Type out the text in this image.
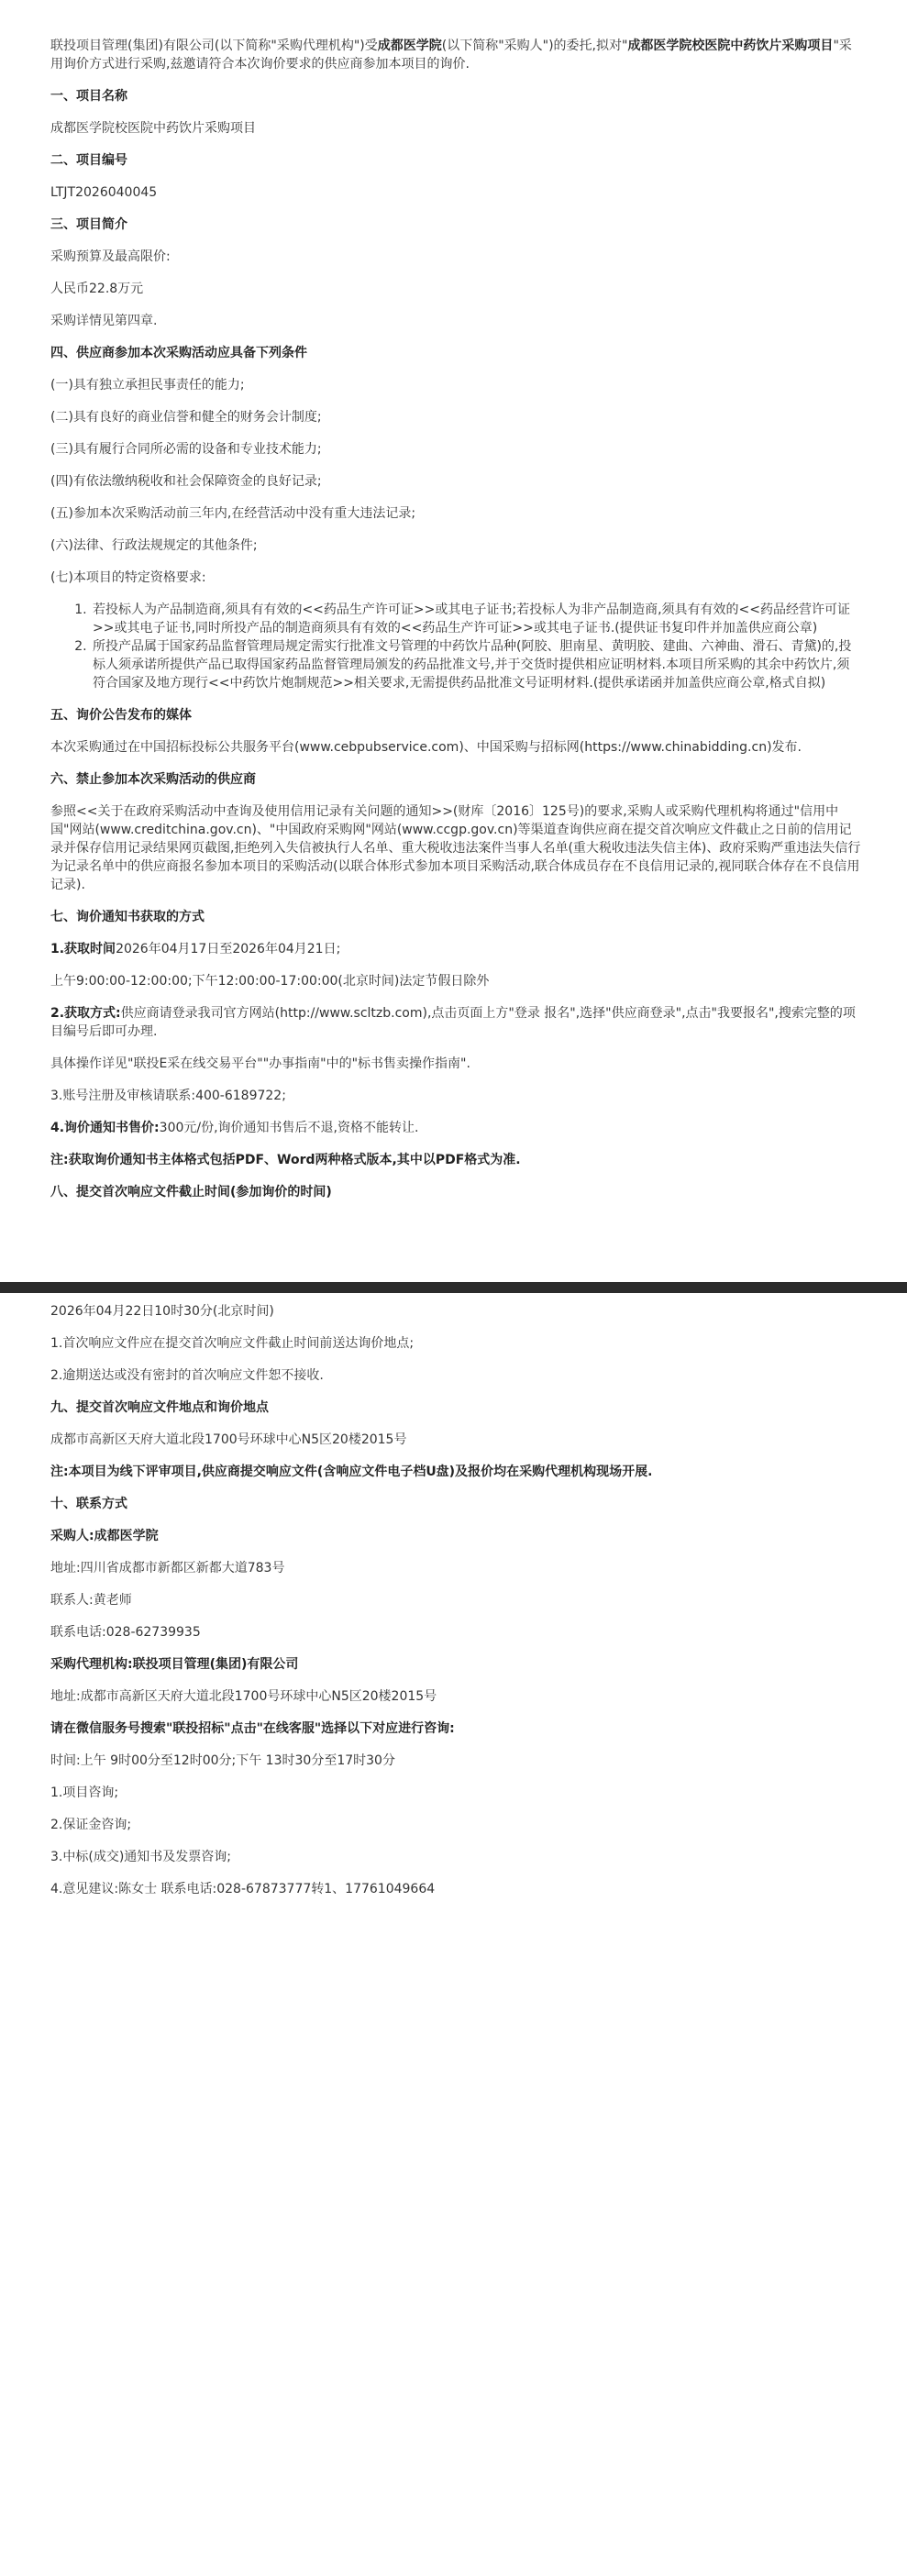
联投项目管理(集团)有限公司(以下简称"采购代理机构")受成都医学院(以下简称"采购人")的委托,拟对"成都医学院校医院中药饮片采购项目"采用询价方式进行采购,兹邀请符合本次询价要求的供应商参加本项目的询价.
一、项目名称
成都医学院校医院中药饮片采购项目
二、项目编号
LTJT2026040045
三、项目简介
采购预算及最高限价:
人民币22.8万元
采购详情见第四章.
四、供应商参加本次采购活动应具备下列条件
(一)具有独立承担民事责任的能力;
(二)具有良好的商业信誉和健全的财务会计制度;
(三)具有履行合同所必需的设备和专业技术能力;
(四)有依法缴纳税收和社会保障资金的良好记录;
(五)参加本次采购活动前三年内,在经营活动中没有重大违法记录;
(六)法律、行政法规规定的其他条件;
(七)本项目的特定资格要求:
1. 若投标人为产品制造商,须具有有效的<<药品生产许可证>>或其电子证书;若投标人为非产品制造商,须具有有效的<<药品经营许可证>>或其电子证书,同时所投产品的制造商须具有有效的<<药品生产许可证>>或其电子证书.(提供证书复印件并加盖供应商公章)
2. 所投产品属于国家药品监督管理局规定需实行批准文号管理的中药饮片品种(阿胶、胆南星、黄明胶、建曲、六神曲、滑石、青黛)的,投标人须承诺所提供产品已取得国家药品监督管理局颁发的药品批准文号,并于交货时提供相应证明材料.本项目所采购的其余中药饮片,须符合国家及地方现行<<中药饮片炮制规范>>相关要求,无需提供药品批准文号证明材料.(提供承诺函并加盖供应商公章,格式自拟)
五、询价公告发布的媒体
本次采购通过在中国招标投标公共服务平台(www.cebpubservice.com)、中国采购与招标网(https://www.chinabidding.cn)发布.
六、禁止参加本次采购活动的供应商
参照<<关于在政府采购活动中查询及使用信用记录有关问题的通知>>(财库〔2016〕125号)的要求,采购人或采购代理机构将通过"信用中国"网站(www.creditchina.gov.cn)、"中国政府采购网"网站(www.ccgp.gov.cn)等渠道查询供应商在提交首次响应文件截止之日前的信用记录并保存信用记录结果网页截图,拒绝列入失信被执行人名单、重大税收违法案件当事人名单(重大税收违法失信主体)、政府采购严重违法失信行为记录名单中的供应商报名参加本项目的采购活动(以联合体形式参加本项目采购活动,联合体成员存在不良信用记录的,视同联合体存在不良信用记录).
七、询价通知书获取的方式
1.获取时间2026年04月17日至2026年04月21日;
上午9:00:00-12:00:00;下午12:00:00-17:00:00(北京时间)法定节假日除外
2.获取方式:供应商请登录我司官方网站(http://www.scltzb.com),点击页面上方"登录 报名",选择"供应商登录",点击"我要报名",搜索完整的项目编号后即可办理.
具体操作详见"联投E采在线交易平台""办事指南"中的"标书售卖操作指南".
3.账号注册及审核请联系:400-6189722;
4.询价通知书售价:300元/份,询价通知书售后不退,资格不能转让.
注:获取询价通知书主体格式包括PDF、Word两种格式版本,其中以PDF格式为准.
八、提交首次响应文件截止时间(参加询价的时间)
2026年04月22日10时30分(北京时间)
1.首次响应文件应在提交首次响应文件截止时间前送达询价地点;
2.逾期送达或没有密封的首次响应文件恕不接收.
九、提交首次响应文件地点和询价地点
成都市高新区天府大道北段1700号环球中心N5区20楼2015号
注:本项目为线下评审项目,供应商提交响应文件(含响应文件电子档U盘)及报价均在采购代理机构现场开展.
十、联系方式
采购人:成都医学院
地址:四川省成都市新都区新都大道783号
联系人:黄老师
联系电话:028-62739935
采购代理机构:联投项目管理(集团)有限公司
地址:成都市高新区天府大道北段1700号环球中心N5区20楼2015号
请在微信服务号搜索"联投招标"点击"在线客服"选择以下对应进行咨询:
时间:上午 9时00分至12时00分;下午 13时30分至17时30分
1.项目咨询;
2.保证金咨询;
3.中标(成交)通知书及发票咨询;
4.意见建议:陈女士 联系电话:028-67873777转1、17761049664
